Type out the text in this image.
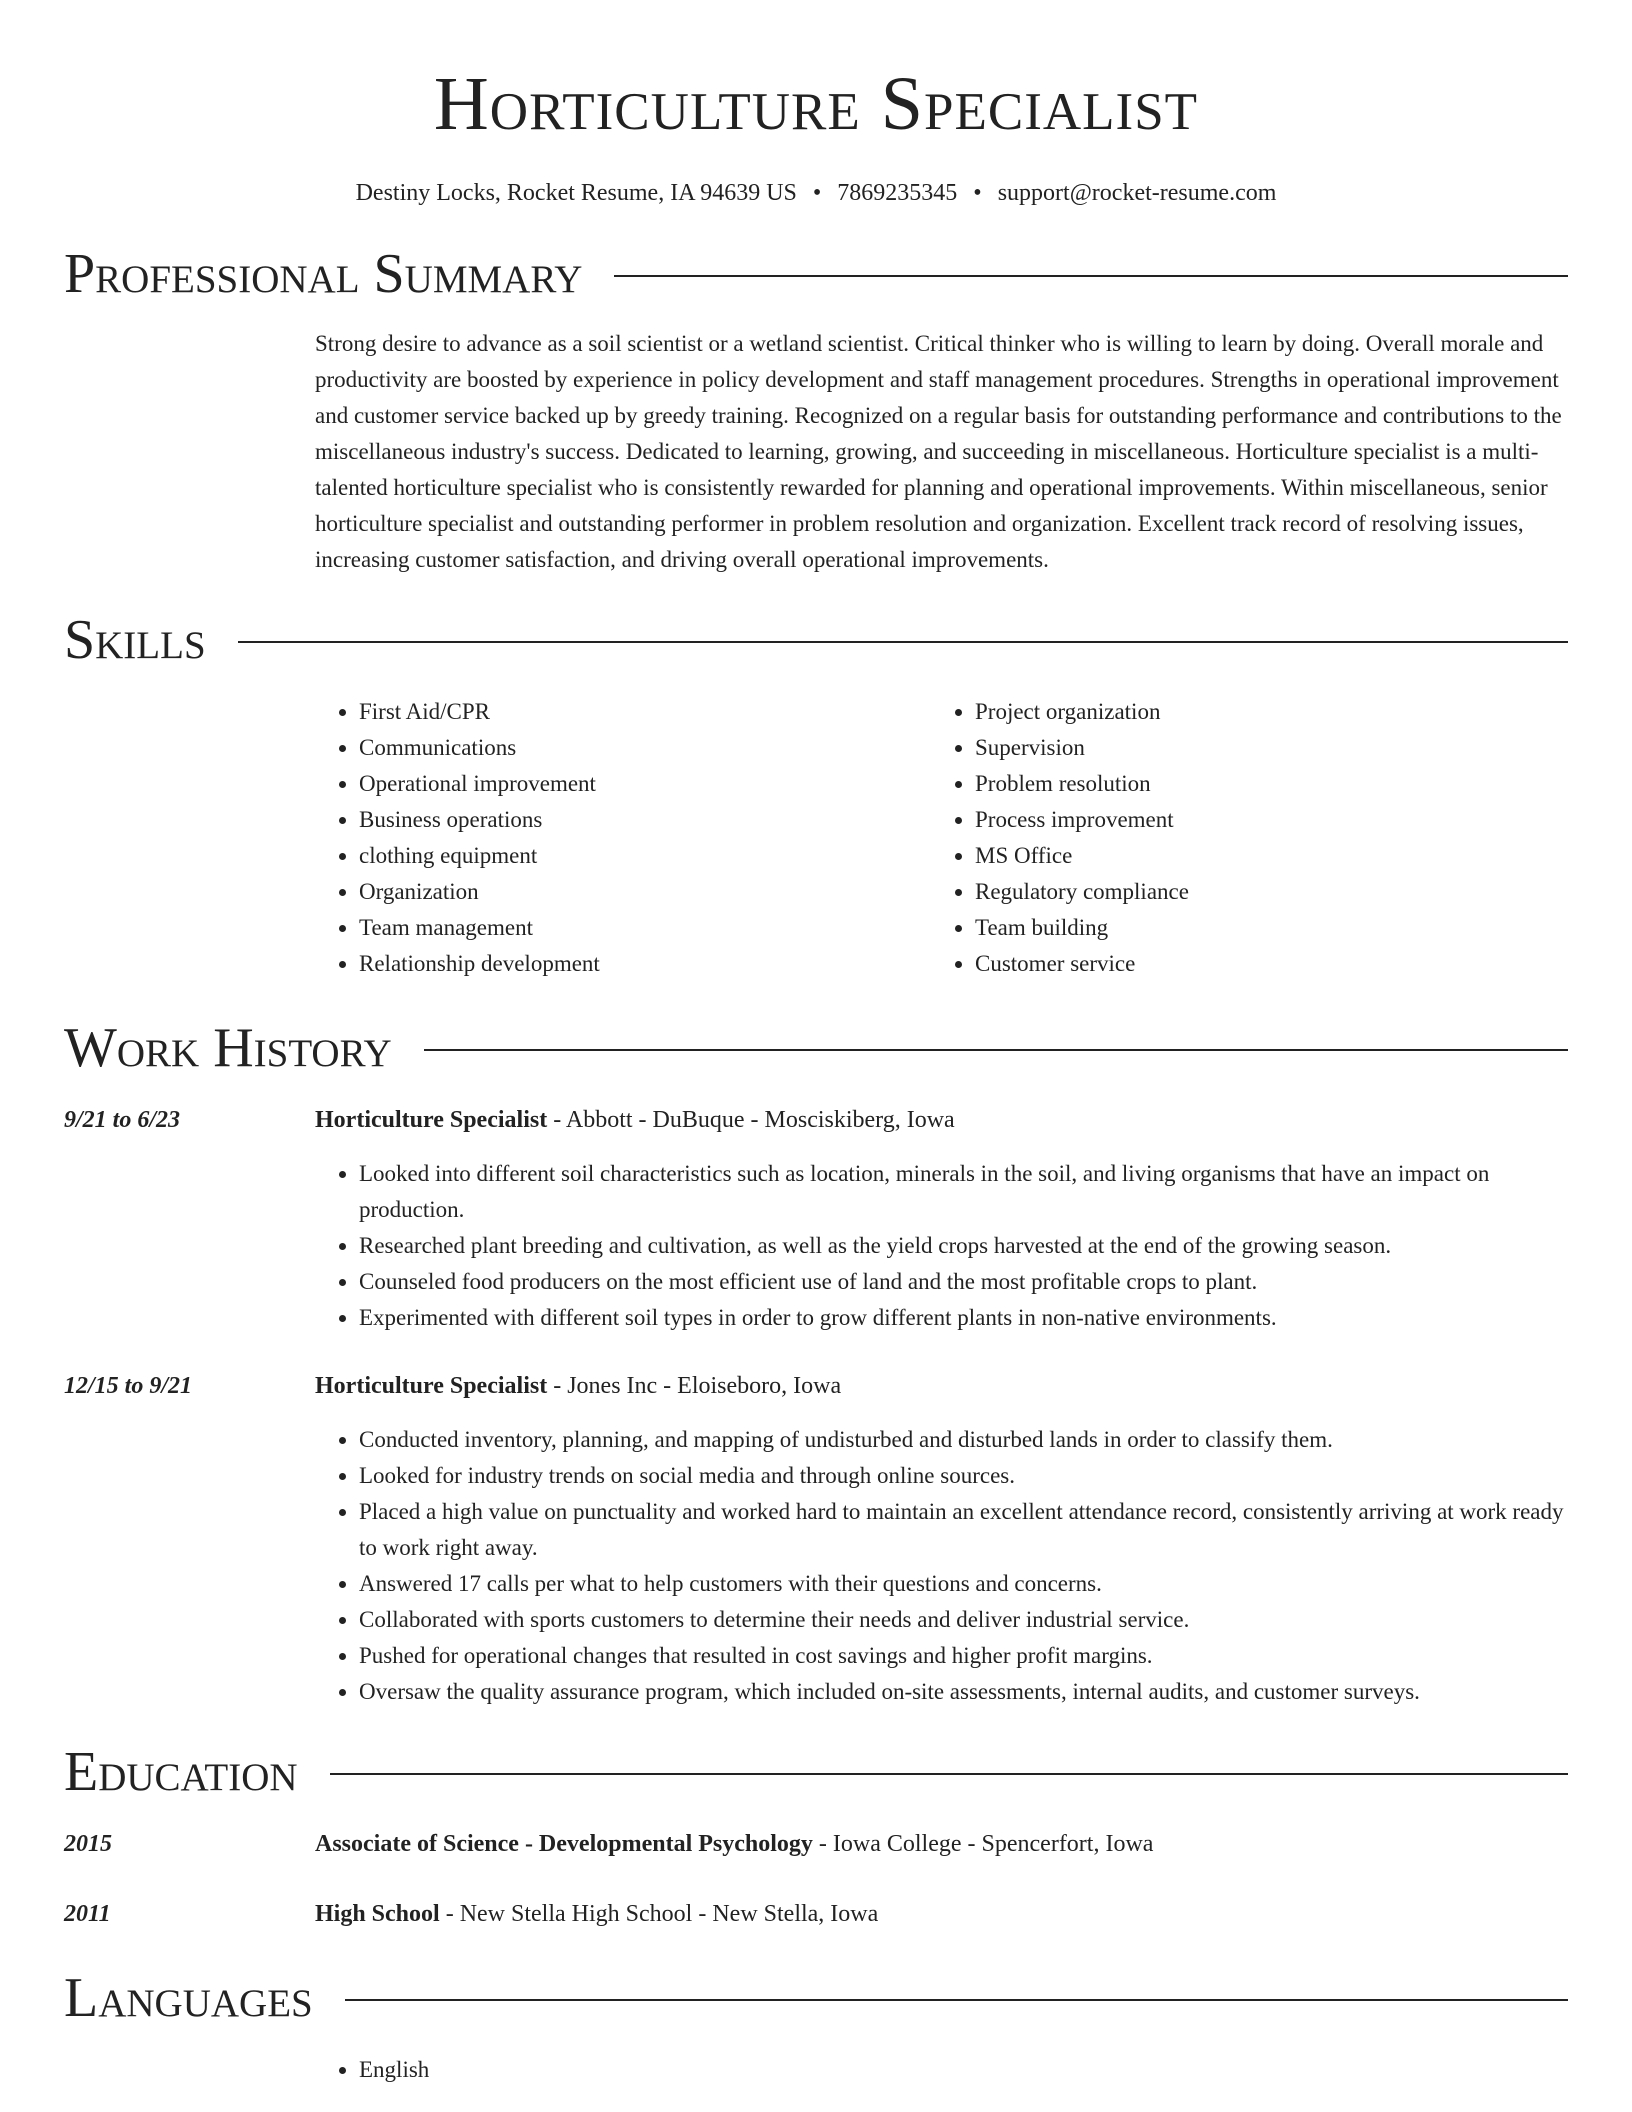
Horticulture Specialist
Destiny Locks, Rocket Resume, IA 94639 US • 7869235345 • support@rocket-resume.com
Professional Summary

Strong desire to advance as a soil scientist or a wetland scientist. Critical thinker who is willing to learn by doing. Overall morale and productivity are boosted by experience in policy development and staff management procedures. Strengths in operational improvement and customer service backed up by greedy training. Recognized on a regular basis for outstanding performance and contributions to the miscellaneous industry's success. Dedicated to learning, growing, and succeeding in miscellaneous. Horticulture specialist is a multi-talented horticulture specialist who is consistently rewarded for planning and operational improvements. Within miscellaneous, senior horticulture specialist and outstanding performer in problem resolution and organization. Excellent track record of resolving issues, increasing customer satisfaction, and driving overall operational improvements.

Skills
• First Aid/CPR
• Communications
• Operational improvement
• Business operations
• clothing equipment
• Organization
• Team management
• Relationship development
• Project organization
• Supervision
• Problem resolution
• Process improvement
• MS Office
• Regulatory compliance
• Team building
• Customer service
Work History
9/21 to 6/23	Horticulture Specialist - Abbott - DuBuque - Mosciskiberg, Iowa
• Looked into different soil characteristics such as location, minerals in the soil, and living organisms that have an impact on production.
• Researched plant breeding and cultivation, as well as the yield crops harvested at the end of the growing season.
• Counseled food producers on the most efficient use of land and the most profitable crops to plant.
• Experimented with different soil types in order to grow different plants in non-native environments.
12/15 to 9/21	Horticulture Specialist - Jones Inc - Eloiseboro, Iowa
• Conducted inventory, planning, and mapping of undisturbed and disturbed lands in order to classify them.
• Looked for industry trends on social media and through online sources.
• Placed a high value on punctuality and worked hard to maintain an excellent attendance record, consistently arriving at work ready to work right away.
• Answered 17 calls per what to help customers with their questions and concerns.
• Collaborated with sports customers to determine their needs and deliver industrial service.
• Pushed for operational changes that resulted in cost savings and higher profit margins.
• Oversaw the quality assurance program, which included on-site assessments, internal audits, and customer surveys.
Education
2015	Associate of Science - Developmental Psychology - Iowa College - Spencerfort, Iowa
2011	High School - New Stella High School - New Stella, Iowa
Languages
• English
